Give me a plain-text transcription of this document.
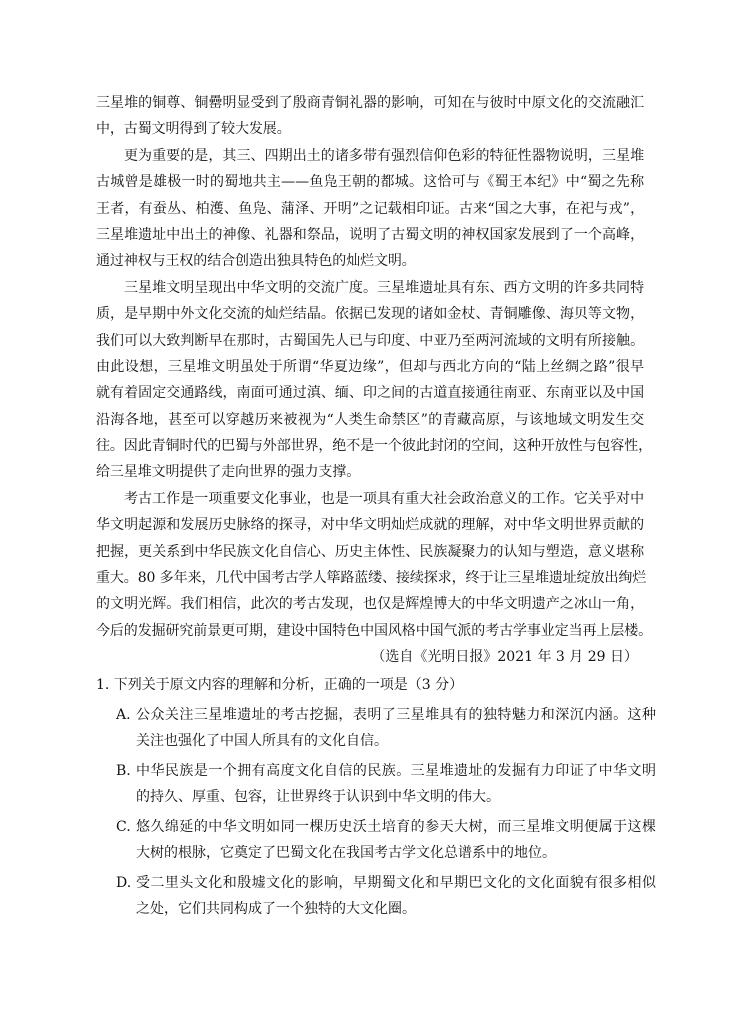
三星堆的铜尊、铜罍明显受到了殷商青铜礼器的影响，可知在与彼时中原文化的交流融汇

中，古蜀文明得到了较大发展。

更为重要的是，其三、四期出土的诸多带有强烈信仰色彩的特征性器物说明，三星堆

古城曾是雄极一时的蜀地共主——鱼凫王朝的都城。这恰可与《蜀王本纪》中“蜀之先称

王者，有蚕丛、柏濩、鱼凫、蒲泽、开明”之记载相印证。古来“国之大事，在祀与戎”，

三星堆遗址中出土的神像、礼器和祭品，说明了古蜀文明的神权国家发展到了一个高峰，

通过神权与王权的结合创造出独具特色的灿烂文明。

三星堆文明呈现出中华文明的交流广度。三星堆遗址具有东、西方文明的许多共同特

质，是早期中外文化交流的灿烂结晶。依据已发现的诸如金杖、青铜雕像、海贝等文物，

我们可以大致判断早在那时，古蜀国先人已与印度、中亚乃至两河流域的文明有所接触。

由此设想，三星堆文明虽处于所谓“华夏边缘”，但却与西北方向的“陆上丝绸之路”很早

就有着固定交通路线，南面可通过滇、缅、印之间的古道直接通往南亚、东南亚以及中国

沿海各地，甚至可以穿越历来被视为“人类生命禁区”的青藏高原，与该地域文明发生交

往。因此青铜时代的巴蜀与外部世界，绝不是一个彼此封闭的空间，这种开放性与包容性，

给三星堆文明提供了走向世界的强力支撑。

考古工作是一项重要文化事业，也是一项具有重大社会政治意义的工作。它关乎对中

华文明起源和发展历史脉络的探寻，对中华文明灿烂成就的理解，对中华文明世界贡献的

把握，更关系到中华民族文化自信心、历史主体性、民族凝聚力的认知与塑造，意义堪称

重大。80 多年来，几代中国考古学人筚路蓝缕、接续探求，终于让三星堆遗址绽放出绚烂

的文明光辉。我们相信，此次的考古发现，也仅是辉煌博大的中华文明遗产之冰山一角，

今后的发掘研究前景更可期，建设中国特色中国风格中国气派的考古学事业定当再上层楼。

（选自《光明日报》2021 年 3 月 29 日）

1. 下列关于原文内容的理解和分析，正确的一项是（3 分）

A. 公众关注三星堆遗址的考古挖掘，表明了三星堆具有的独特魅力和深沉内涵。这种

关注也强化了中国人所具有的文化自信。

B. 中华民族是一个拥有高度文化自信的民族。三星堆遗址的发掘有力印证了中华文明

的持久、厚重、包容，让世界终于认识到中华文明的伟大。

C. 悠久绵延的中华文明如同一棵历史沃土培育的参天大树，而三星堆文明便属于这棵

大树的根脉，它奠定了巴蜀文化在我国考古学文化总谱系中的地位。

D. 受二里头文化和殷墟文化的影响，早期蜀文化和早期巴文化的文化面貌有很多相似

之处，它们共同构成了一个独特的大文化圈。
